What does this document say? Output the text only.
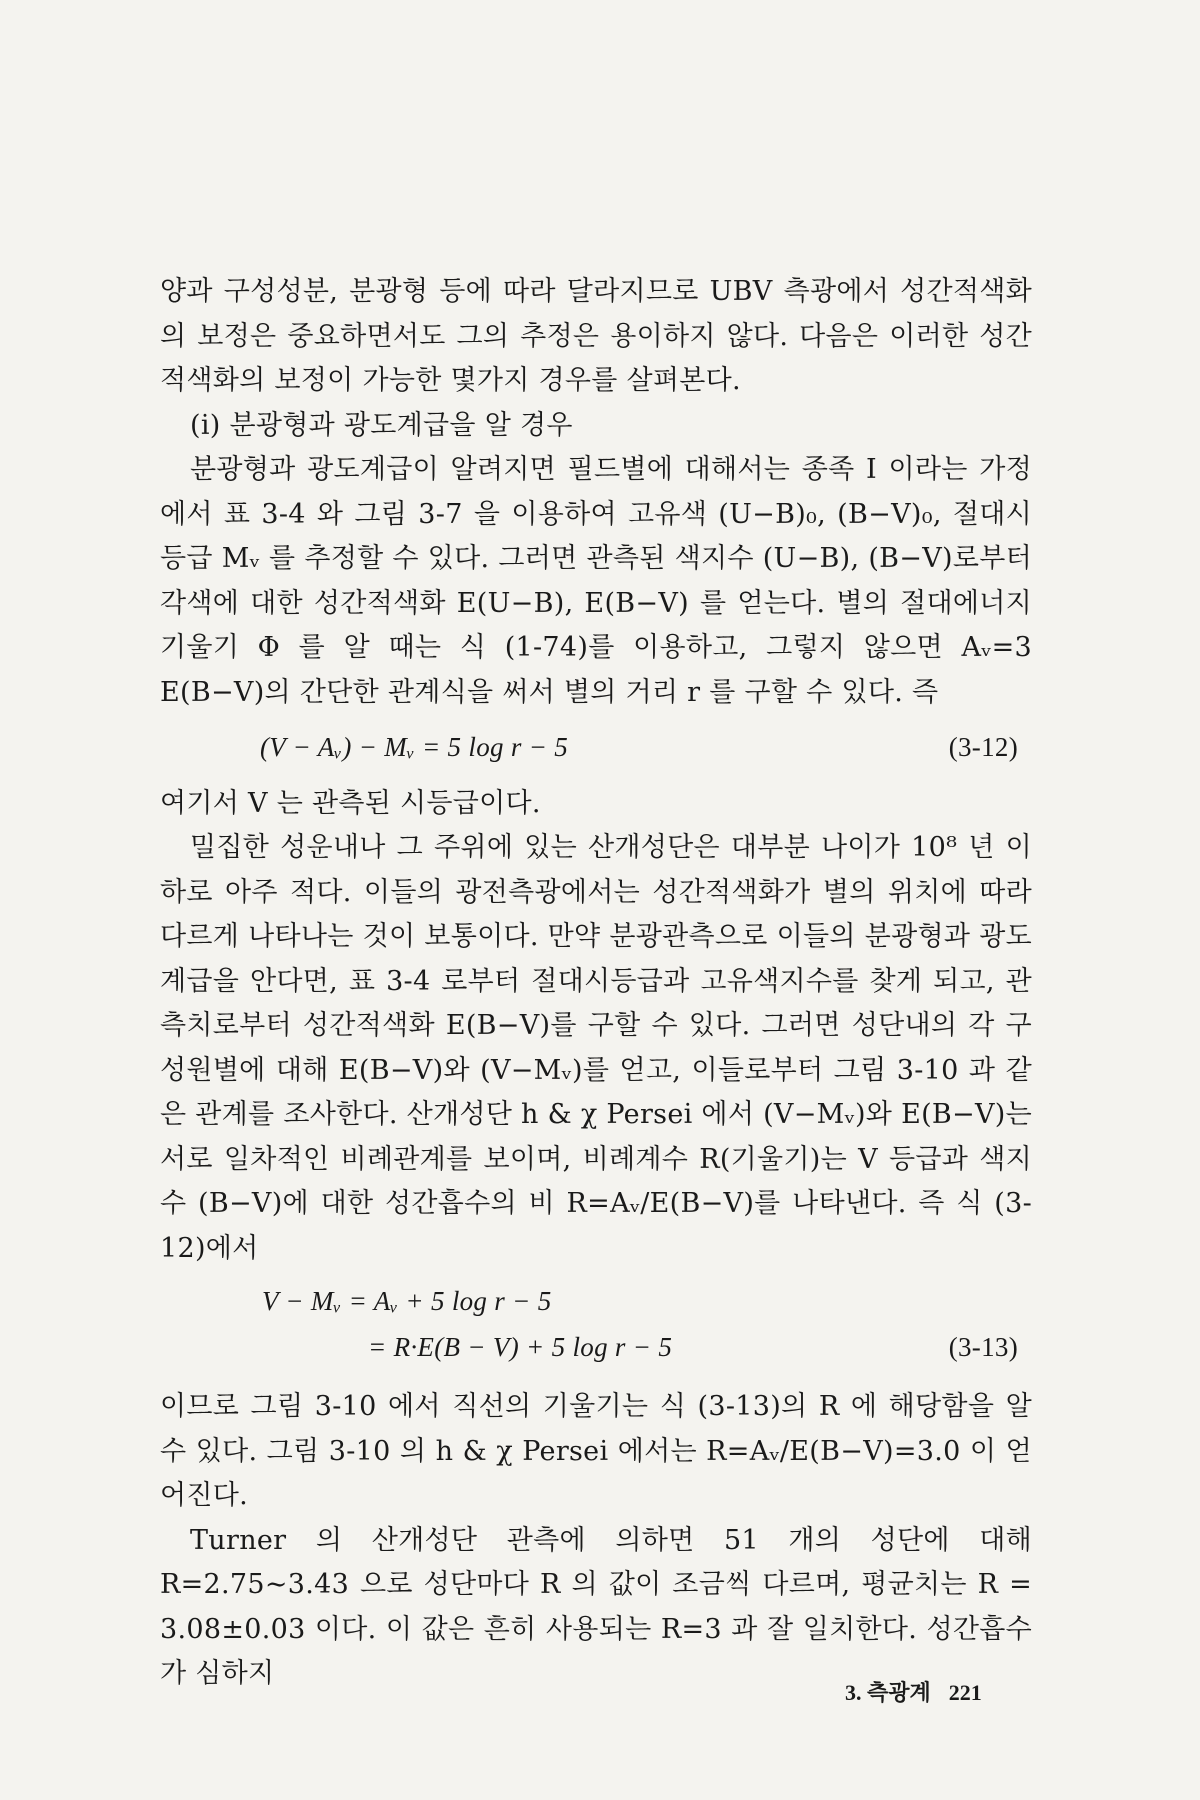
양과 구성성분, 분광형 등에 따라 달라지므로 UBV 측광에서 성간적색화의 보정은 중요하면서도 그의 추정은 용이하지 않다. 다음은 이러한 성간적색화의 보정이 가능한 몇가지 경우를 살펴본다.

(i) 분광형과 광도계급을 알 경우

분광형과 광도계급이 알려지면 필드별에 대해서는 종족 I 이라는 가정에서 표 3-4 와 그림 3-7 을 이용하여 고유색 (U−B)₀, (B−V)₀, 절대시등급 Mᵥ 를 추정할 수 있다. 그러면 관측된 색지수 (U−B), (B−V)로부터 각색에 대한 성간적색화 E(U−B), E(B−V) 를 얻는다. 별의 절대에너지 기울기 Φ 를 알 때는 식 (1-74)를 이용하고, 그렇지 않으면 Aᵥ=3 E(B−V)의 간단한 관계식을 써서 별의 거리 r 를 구할 수 있다. 즉

(V − Aᵥ) − Mᵥ = 5 log r − 5	(3-12)

여기서 V 는 관측된 시등급이다.

밀집한 성운내나 그 주위에 있는 산개성단은 대부분 나이가 10⁸ 년 이하로 아주 적다. 이들의 광전측광에서는 성간적색화가 별의 위치에 따라 다르게 나타나는 것이 보통이다. 만약 분광관측으로 이들의 분광형과 광도계급을 안다면, 표 3-4 로부터 절대시등급과 고유색지수를 찾게 되고, 관측치로부터 성간적색화 E(B−V)를 구할 수 있다. 그러면 성단내의 각 구성원별에 대해 E(B−V)와 (V−Mᵥ)를 얻고, 이들로부터 그림 3-10 과 같은 관계를 조사한다. 산개성단 h & χ Persei 에서 (V−Mᵥ)와 E(B−V)는 서로 일차적인 비례관계를 보이며, 비례계수 R(기울기)는 V 등급과 색지수 (B−V)에 대한 성간흡수의 비 R=Aᵥ/E(B−V)를 나타낸다. 즉 식 (3-12)에서

V − Mᵥ = Aᵥ + 5 log r − 5
= R·E(B − V) + 5 log r − 5	(3-13)

이므로 그림 3-10 에서 직선의 기울기는 식 (3-13)의 R 에 해당함을 알 수 있다. 그림 3-10 의 h & χ Persei 에서는 R=Aᵥ/E(B−V)=3.0 이 얻어진다.

Turner 의 산개성단 관측에 의하면 51 개의 성단에 대해 R=2.75∼3.43 으로 성단마다 R 의 값이 조금씩 다르며, 평균치는 R = 3.08±0.03 이다. 이 값은 흔히 사용되는 R=3 과 잘 일치한다. 성간흡수가 심하지

3. 측광계 221
